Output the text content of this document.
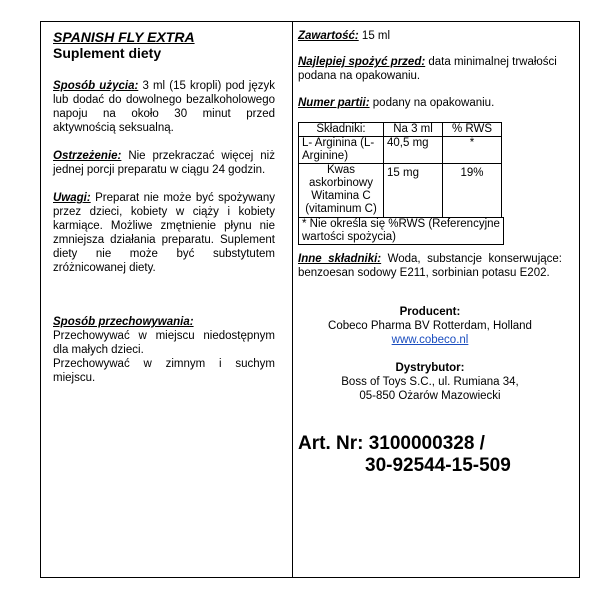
SPANISH FLY EXTRA
Suplement diety
Sposób użycia: 3 ml (15 kropli) pod język lub dodać do dowolnego bezalkoholowego napoju na około 30 minut przed aktywnością seksualną.
Ostrzeżenie: Nie przekraczać więcej niż jednej porcji preparatu w ciągu 24 godzin.
Uwagi: Preparat nie może być spożywany przez dzieci, kobiety w ciąży i kobiety karmiące. Możliwe zmętnienie płynu nie zmniejsza działania preparatu. Suplement diety nie może być substytutem zróżnicowanej diety.
Sposób przechowywania:
Przechowywać w miejscu niedostępnym dla małych dzieci.
Przechowywać w zimnym i suchym miejscu.
Zawartość: 15 ml
Najlepiej spożyć przed: data minimalnej trwałości podana na opakowaniu.
Numer partii: podany na opakowaniu.
Składniki:	Na 3 ml	% RWS
L- Arginina (L-Arginine)	40,5 mg	*
Kwas askorbinowy Witamina C (vitaminum C)	15 mg	19%
* Nie określa się %RWS (Referencyjne wartości spożycia)
Inne składniki: Woda, substancje konserwujące: benzoesan sodowy E211, sorbinian potasu E202.
Producent:
Cobeco Pharma BV Rotterdam, Holland
www.cobeco.nl
Dystrybutor:
Boss of Toys S.C., ul. Rumiana 34,
05-850 Ożarów Mazowiecki
Art. Nr: 3100000328 /
30-92544-15-509
